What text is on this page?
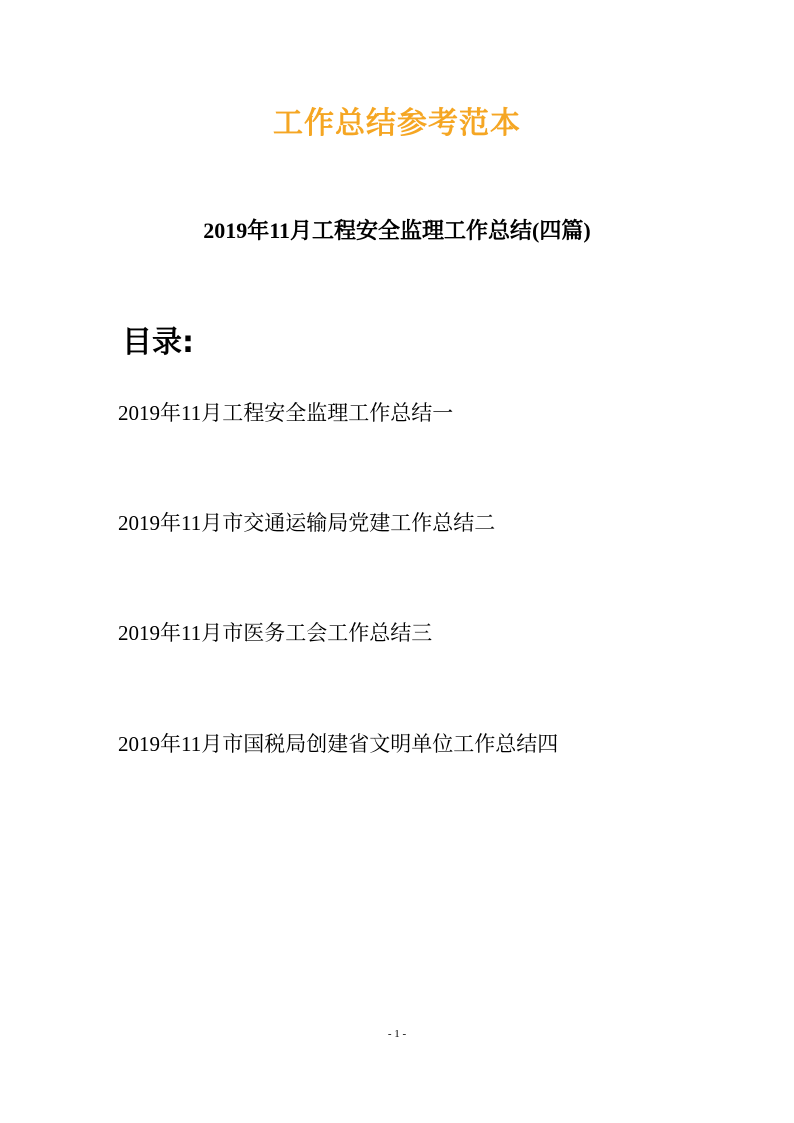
工作总结参考范本
2019年11月工程安全监理工作总结(四篇)
目录:
2019年11月工程安全监理工作总结一
2019年11月市交通运输局党建工作总结二
2019年11月市医务工会工作总结三
2019年11月市国税局创建省文明单位工作总结四
- 1 -
